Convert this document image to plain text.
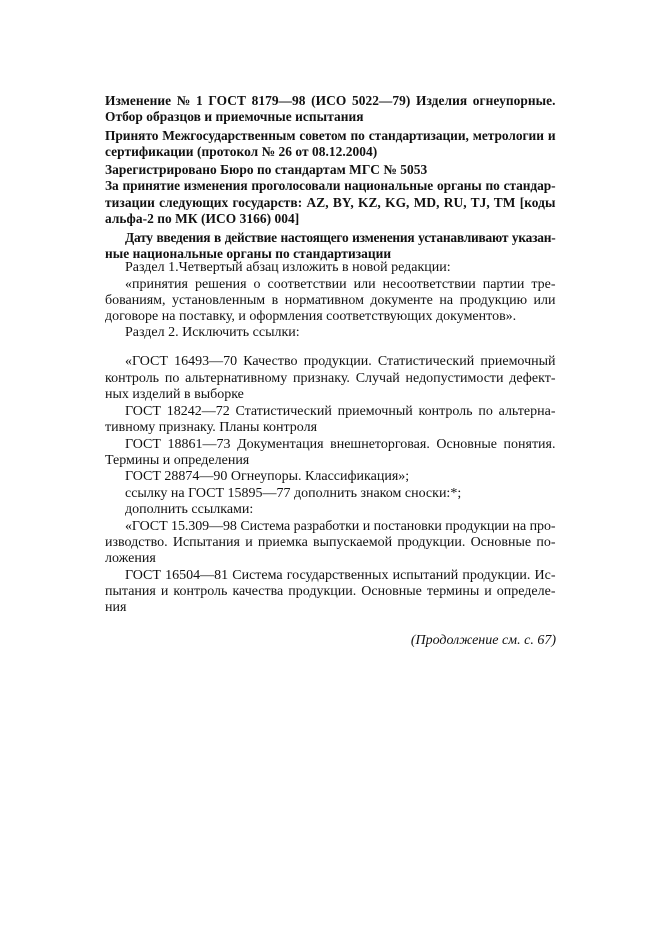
(Продолжение см. с. 67)
Изменение № 1 ГОСТ 8179—98 (ИСО 5022—79) Изделия огнеупорные.
Отбор образцов и приемочные испытания
Принято Межгосударственным советом по стандартизации, метрологии и
сертификации (протокол № 26 от 08.12.2004)
Зарегистрировано Бюро по стандартам МГС № 5053
За принятие изменения проголосовали национальные органы по стандар-
тизации следующих государств: AZ, BY, KZ, KG, MD, RU, TJ, TM [коды
альфа-2 по МК (ИСО 3166) 004]
Дату введения в действие настоящего изменения устанавливают указан-
ные национальные органы по стандартизации
Раздел 1.Четвертый абзац изложить в новой редакции:
«принятия решения о соответствии или несоответствии партии тре-
бованиям, установленным в нормативном документе на продукцию или
договоре на поставку, и оформления соответствующих документов».
Раздел 2. Исключить ссылки:
«ГОСТ 16493—70 Качество продукции. Статистический приемочный
контроль по альтернативному признаку. Случай недопустимости дефект-
ных изделий в выборке
ГОСТ 18242—72 Статистический приемочный контроль по альтерна-
тивному признаку. Планы контроля
ГОСТ 18861—73 Документация внешнеторговая. Основные понятия.
Термины и определения
ГОСТ 28874—90 Огнеупоры. Классификация»;
ссылку на ГОСТ 15895—77 дополнить знаком сноски:*;
дополнить ссылками:
«ГОСТ 15.309—98 Система разработки и постановки продукции на про-
изводство. Испытания и приемка выпускаемой продукции. Основные по-
ложения
ГОСТ 16504—81 Система государственных испытаний продукции. Ис-
пытания и контроль качества продукции. Основные термины и определе-
ния
